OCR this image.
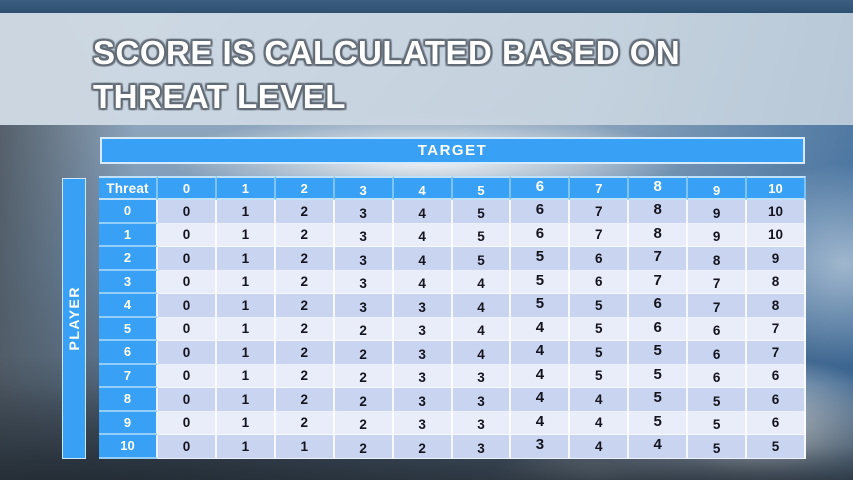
SCORE IS CALCULATED BASED ON
THREAT LEVEL
TARGET
PLAYER
Threat	0	1	2	3	4	5	6	7	8	9	10
0	0	1	2	3	4	5	6	7	8	9	10
1	0	1	2	3	4	5	6	7	8	9	10
2	0	1	2	3	4	5	5	6	7	8	9
3	0	1	2	3	4	4	5	6	7	7	8
4	0	1	2	3	3	4	5	5	6	7	8
5	0	1	2	2	3	4	4	5	6	6	7
6	0	1	2	2	3	4	4	5	5	6	7
7	0	1	2	2	3	3	4	5	5	6	6
8	0	1	2	2	3	3	4	4	5	5	6
9	0	1	2	2	3	3	4	4	5	5	6
10	0	1	1	2	2	3	3	4	4	5	5
